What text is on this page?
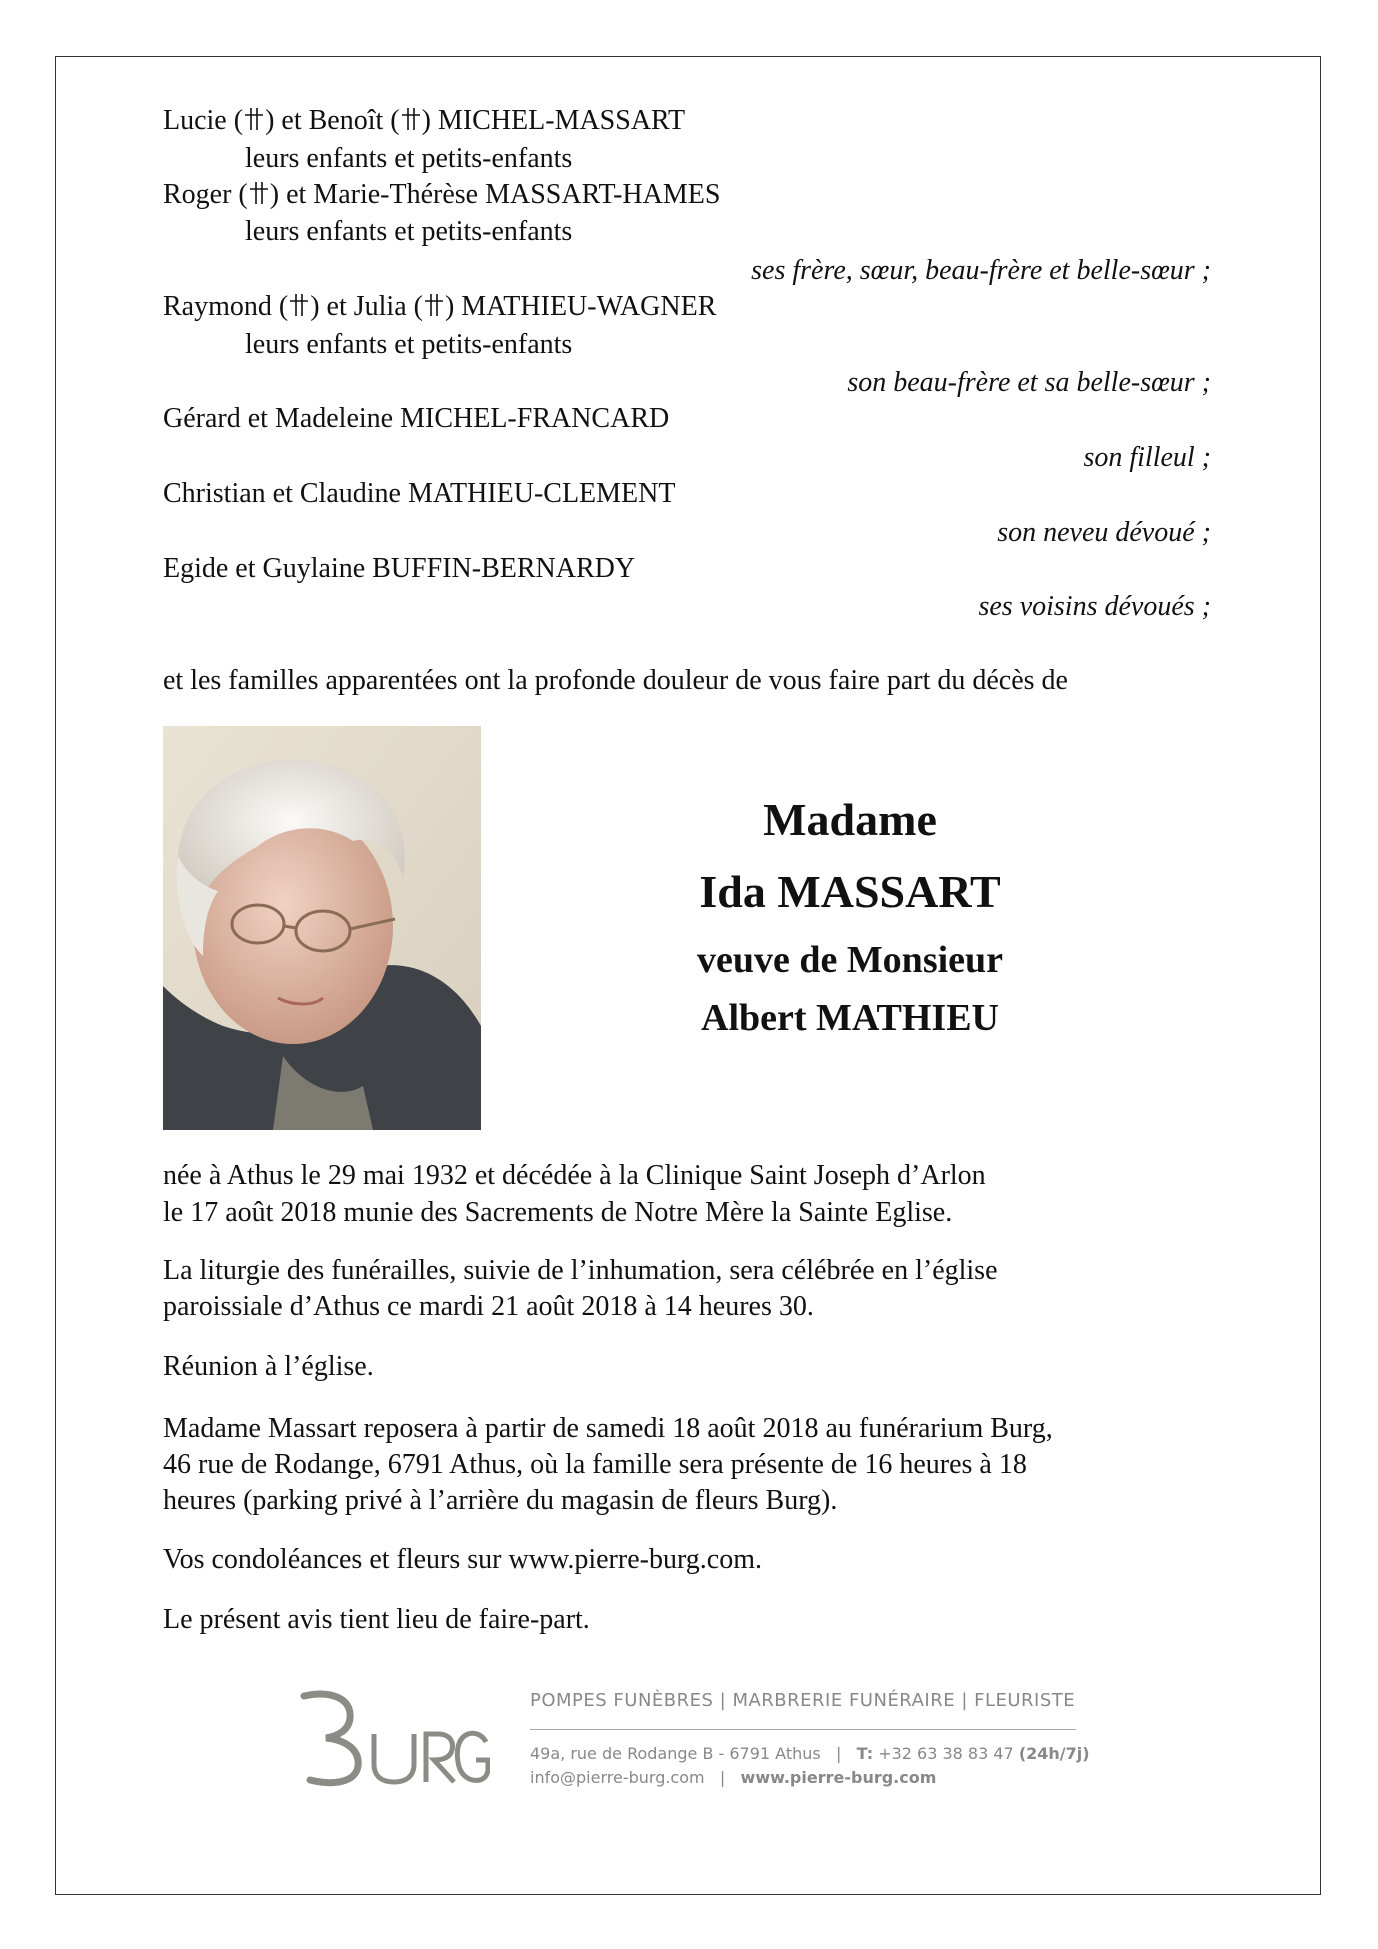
Lucie ( ) et Benoît ( ) MICHEL-MASSART
leurs enfants et petits-enfants
Roger ( ) et Marie-Thérèse MASSART-HAMES
leurs enfants et petits-enfants
ses frère, sœur, beau-frère et belle-sœur ;
Raymond ( ) et Julia ( ) MATHIEU-WAGNER
leurs enfants et petits-enfants
son beau-frère et sa belle-sœur ;
Gérard et Madeleine MICHEL-FRANCARD
son filleul ;
Christian et Claudine MATHIEU-CLEMENT
son neveu dévoué ;
Egide et Guylaine BUFFIN-BERNARDY
ses voisins dévoués ;
et les familles apparentées ont la profonde douleur de vous faire part du décès de
Madame
Ida MASSART
veuve de Monsieur
Albert MATHIEU
née à Athus le 29 mai 1932 et décédée à la Clinique Saint Joseph d’Arlon
le 17 août 2018 munie des Sacrements de Notre Mère la Sainte Eglise.
La liturgie des funérailles, suivie de l’inhumation, sera célébrée en l’église
paroissiale d’Athus ce mardi 21 août 2018 à 14 heures 30.
Réunion à l’église.
Madame Massart reposera à partir de samedi 18 août 2018 au funérarium Burg,
46 rue de Rodange, 6791 Athus, où la famille sera présente de 16 heures à 18
heures (parking privé à l’arrière du magasin de fleurs Burg).
Vos condoléances et fleurs sur www.pierre-burg.com.
Le présent avis tient lieu de faire-part.
POMPES FUNÈBRES | MARBRERIE FUNÉRAIRE | FLEURISTE
49a, rue de Rodange B - 6791 Athus   |   T: +32 63 38 83 47 (24h/7j)
info@pierre-burg.com   |   www.pierre-burg.com
